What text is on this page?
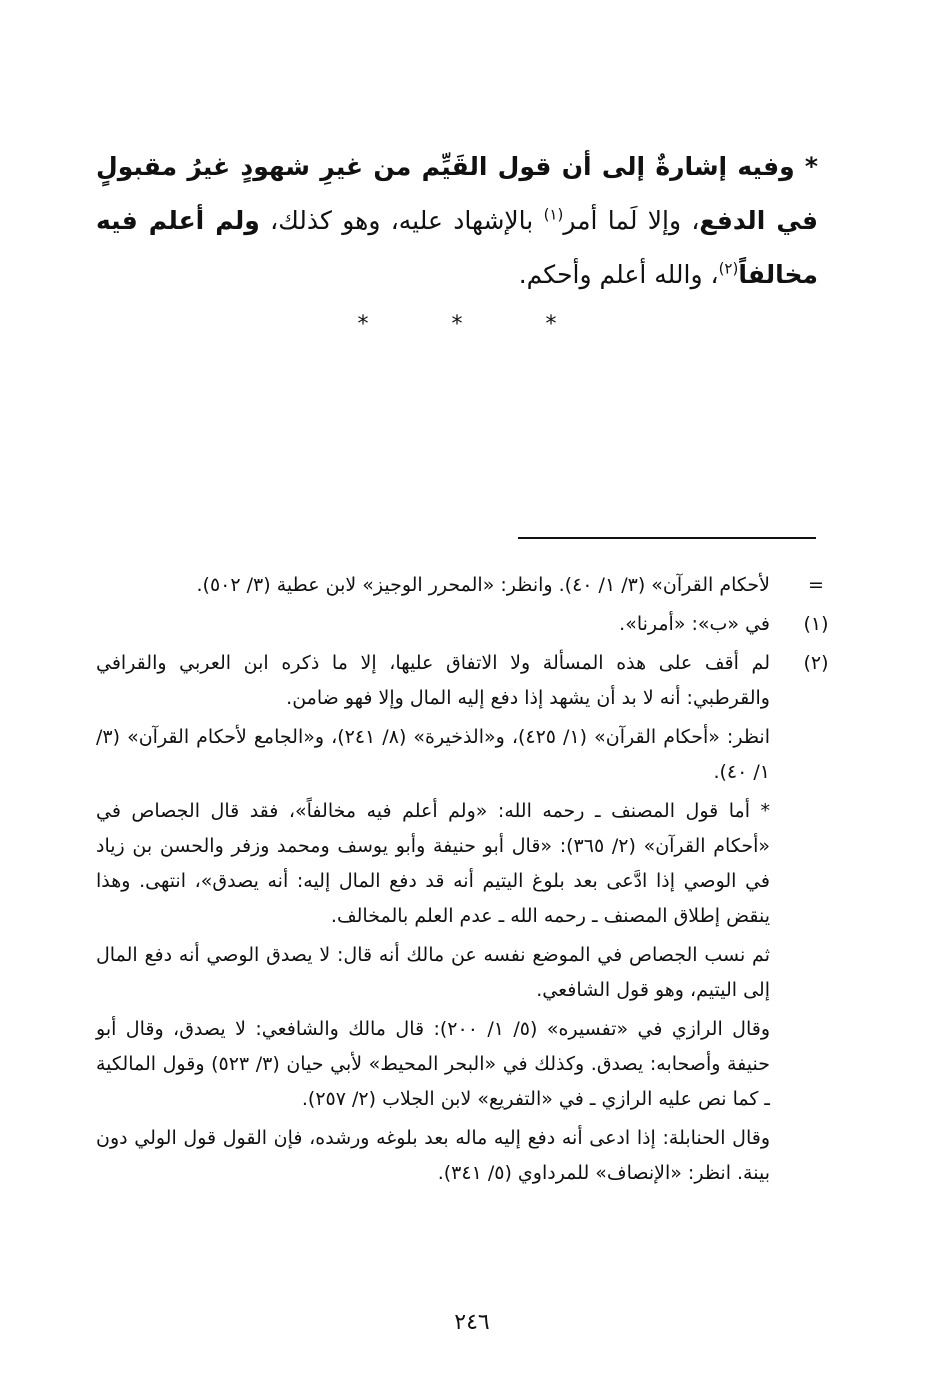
* وفيه إشارةٌ إلى أن قول القَيِّم من غيرِ شهودٍ غيرُ مقبولٍ في الدفع، وإلا لَما أمر$^{(١)}$ بالإشهاد عليه، وهو كذلك، ولم أعلم فيه مخالفاً$^{(٢)}$، والله أعلم وأحكم.

* * *
=

لأحكام القرآن» (٣/ ١/ ٤٠). وانظر: «المحرر الوجيز» لابن عطية (٣/ ٥٠٢).

(١)

في «ب»: «أمرنا».

(٢)

لم أقف على هذه المسألة ولا الاتفاق عليها، إلا ما ذكره ابن العربي والقرافي والقرطبي: أنه لا بد أن يشهد إذا دفع إليه المال وإلا فهو ضامن.

انظر: «أحكام القرآن» (١/ ٤٢٥)، و«الذخيرة» (٨/ ٢٤١)، و«الجامع لأحكام القرآن» (٣/ ١/ ٤٠).

* أما قول المصنف ـ رحمه الله: «ولم أعلم فيه مخالفاً»، فقد قال الجصاص في «أحكام القرآن» (٢/ ٣٦٥): «قال أبو حنيفة وأبو يوسف ومحمد وزفر والحسن بن زياد في الوصي إذا ادَّعى بعد بلوغ اليتيم أنه قد دفع المال إليه: أنه يصدق»، انتهى. وهذا ينقض إطلاق المصنف ـ رحمه الله ـ عدم العلم بالمخالف.

ثم نسب الجصاص في الموضع نفسه عن مالك أنه قال: لا يصدق الوصي أنه دفع المال إلى اليتيم، وهو قول الشافعي.

وقال الرازي في «تفسيره» (٥/ ١/ ٢٠٠): قال مالك والشافعي: لا يصدق، وقال أبو حنيفة وأصحابه: يصدق. وكذلك في «البحر المحيط» لأبي حيان (٣/ ٥٢٣) وقول المالكية ـ كما نص عليه الرازي ـ في «التفريع» لابن الجلاب (٢/ ٢٥٧).

وقال الحنابلة: إذا ادعى أنه دفع إليه ماله بعد بلوغه ورشده، فإن القول قول الولي دون بينة. انظر: «الإنصاف» للمرداوي (٥/ ٣٤١).

٢٤٦
